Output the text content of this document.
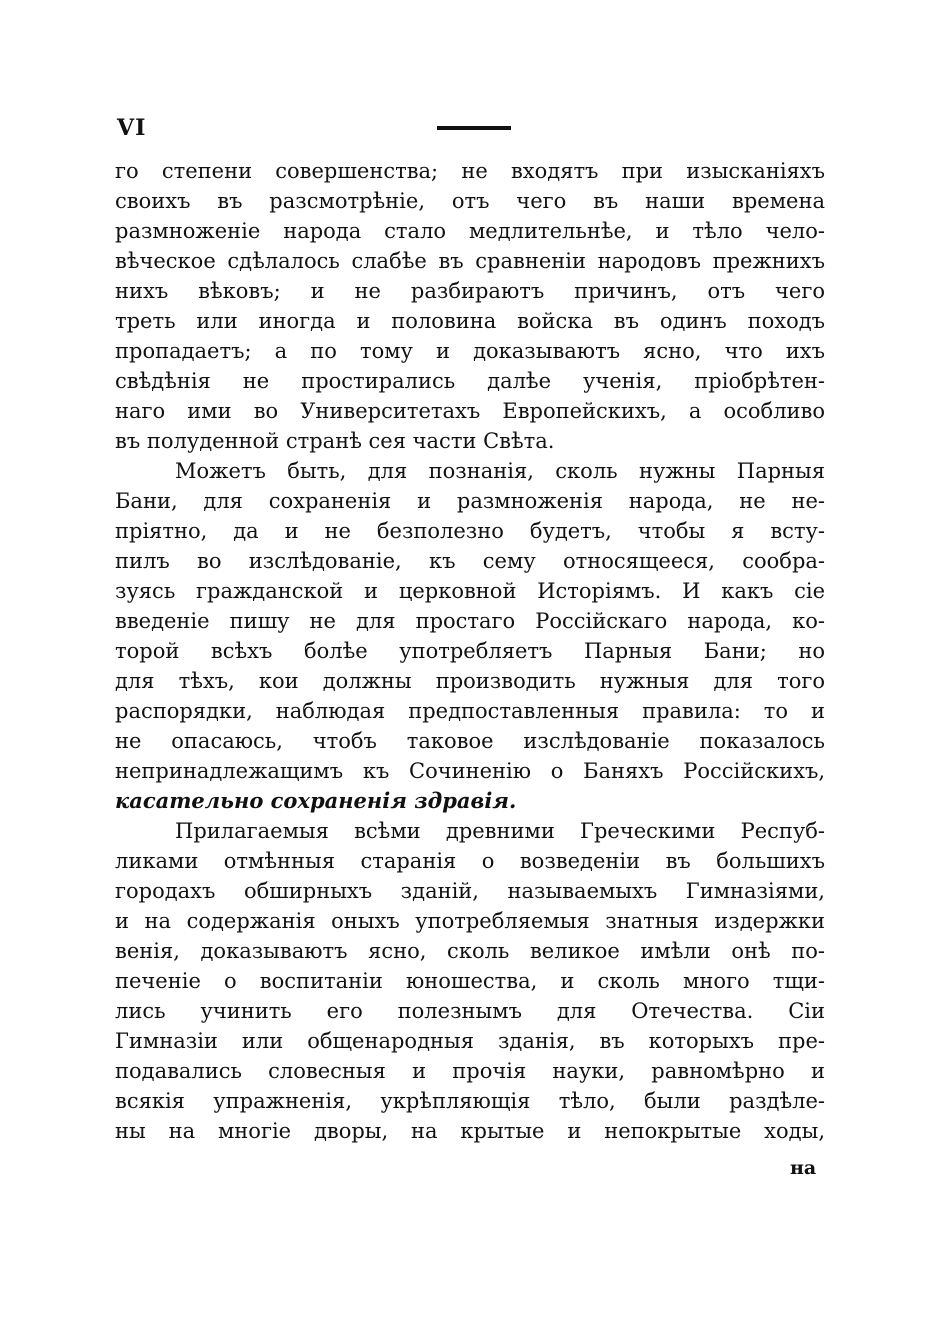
VI
го степени совершенства; не входятъ при изысканіяхъ
своихъ въ разсмотрѣніе, отъ чего въ наши времена
размноженіе народа стало медлительнѣе, и тѣло чело-
вѣческое сдѣлалось слабѣе въ сравненіи народовъ прежнихъ
нихъ вѣковъ; и не разбираютъ причинъ, отъ чего
треть или иногда и половина войска въ одинъ походъ
пропадаетъ; а по тому и доказываютъ ясно, что ихъ
свѣдѣнія не простирались далѣе ученія, пріобрѣтен-
наго ими во Университетахъ Европейскихъ, а особливо
въ полуденной странѣ сея части Свѣта.
Можетъ быть, для познанія, сколь нужны Парныя
Бани, для сохраненія и размноженія народа, не не-
пріятно, да и не безполезно будетъ, чтобы я всту-
пилъ во изслѣдованіе, къ сему относящееся, сообра-
зуясь гражданской и церковной Исторіямъ. И какъ сіе
введеніе пишу не для простаго Россійскаго народа, ко-
торой всѣхъ болѣе употребляетъ Парныя Бани; но
для тѣхъ, кои должны производить нужныя для того
распорядки, наблюдая предпоставленныя правила: то и
не опасаюсь, чтобъ таковое изслѣдованіе показалось
непринадлежащимъ къ Сочиненію о Баняхъ Россійскихъ,
касательно сохраненія здравія.
Прилагаемыя всѣми древними Греческими Респуб-
ликами отмѣнныя старанія о возведеніи въ большихъ
городахъ обширныхъ зданій, называемыхъ Гимназіями,
и на содержанія оныхъ употребляемыя знатныя издержки
венія, доказываютъ ясно, сколь великое имѣли онѣ по-
печеніе о воспитаніи юношества, и сколь много тщи-
лись учинить его полезнымъ для Отечества. Сіи
Гимназіи или общенародныя зданія, въ которыхъ пре-
подавались словесныя и прочія науки, равномѣрно и
всякія упражненія, укрѣпляющія тѣло, были раздѣле-
ны на многіе дворы, на крытые и непокрытые ходы,
на
